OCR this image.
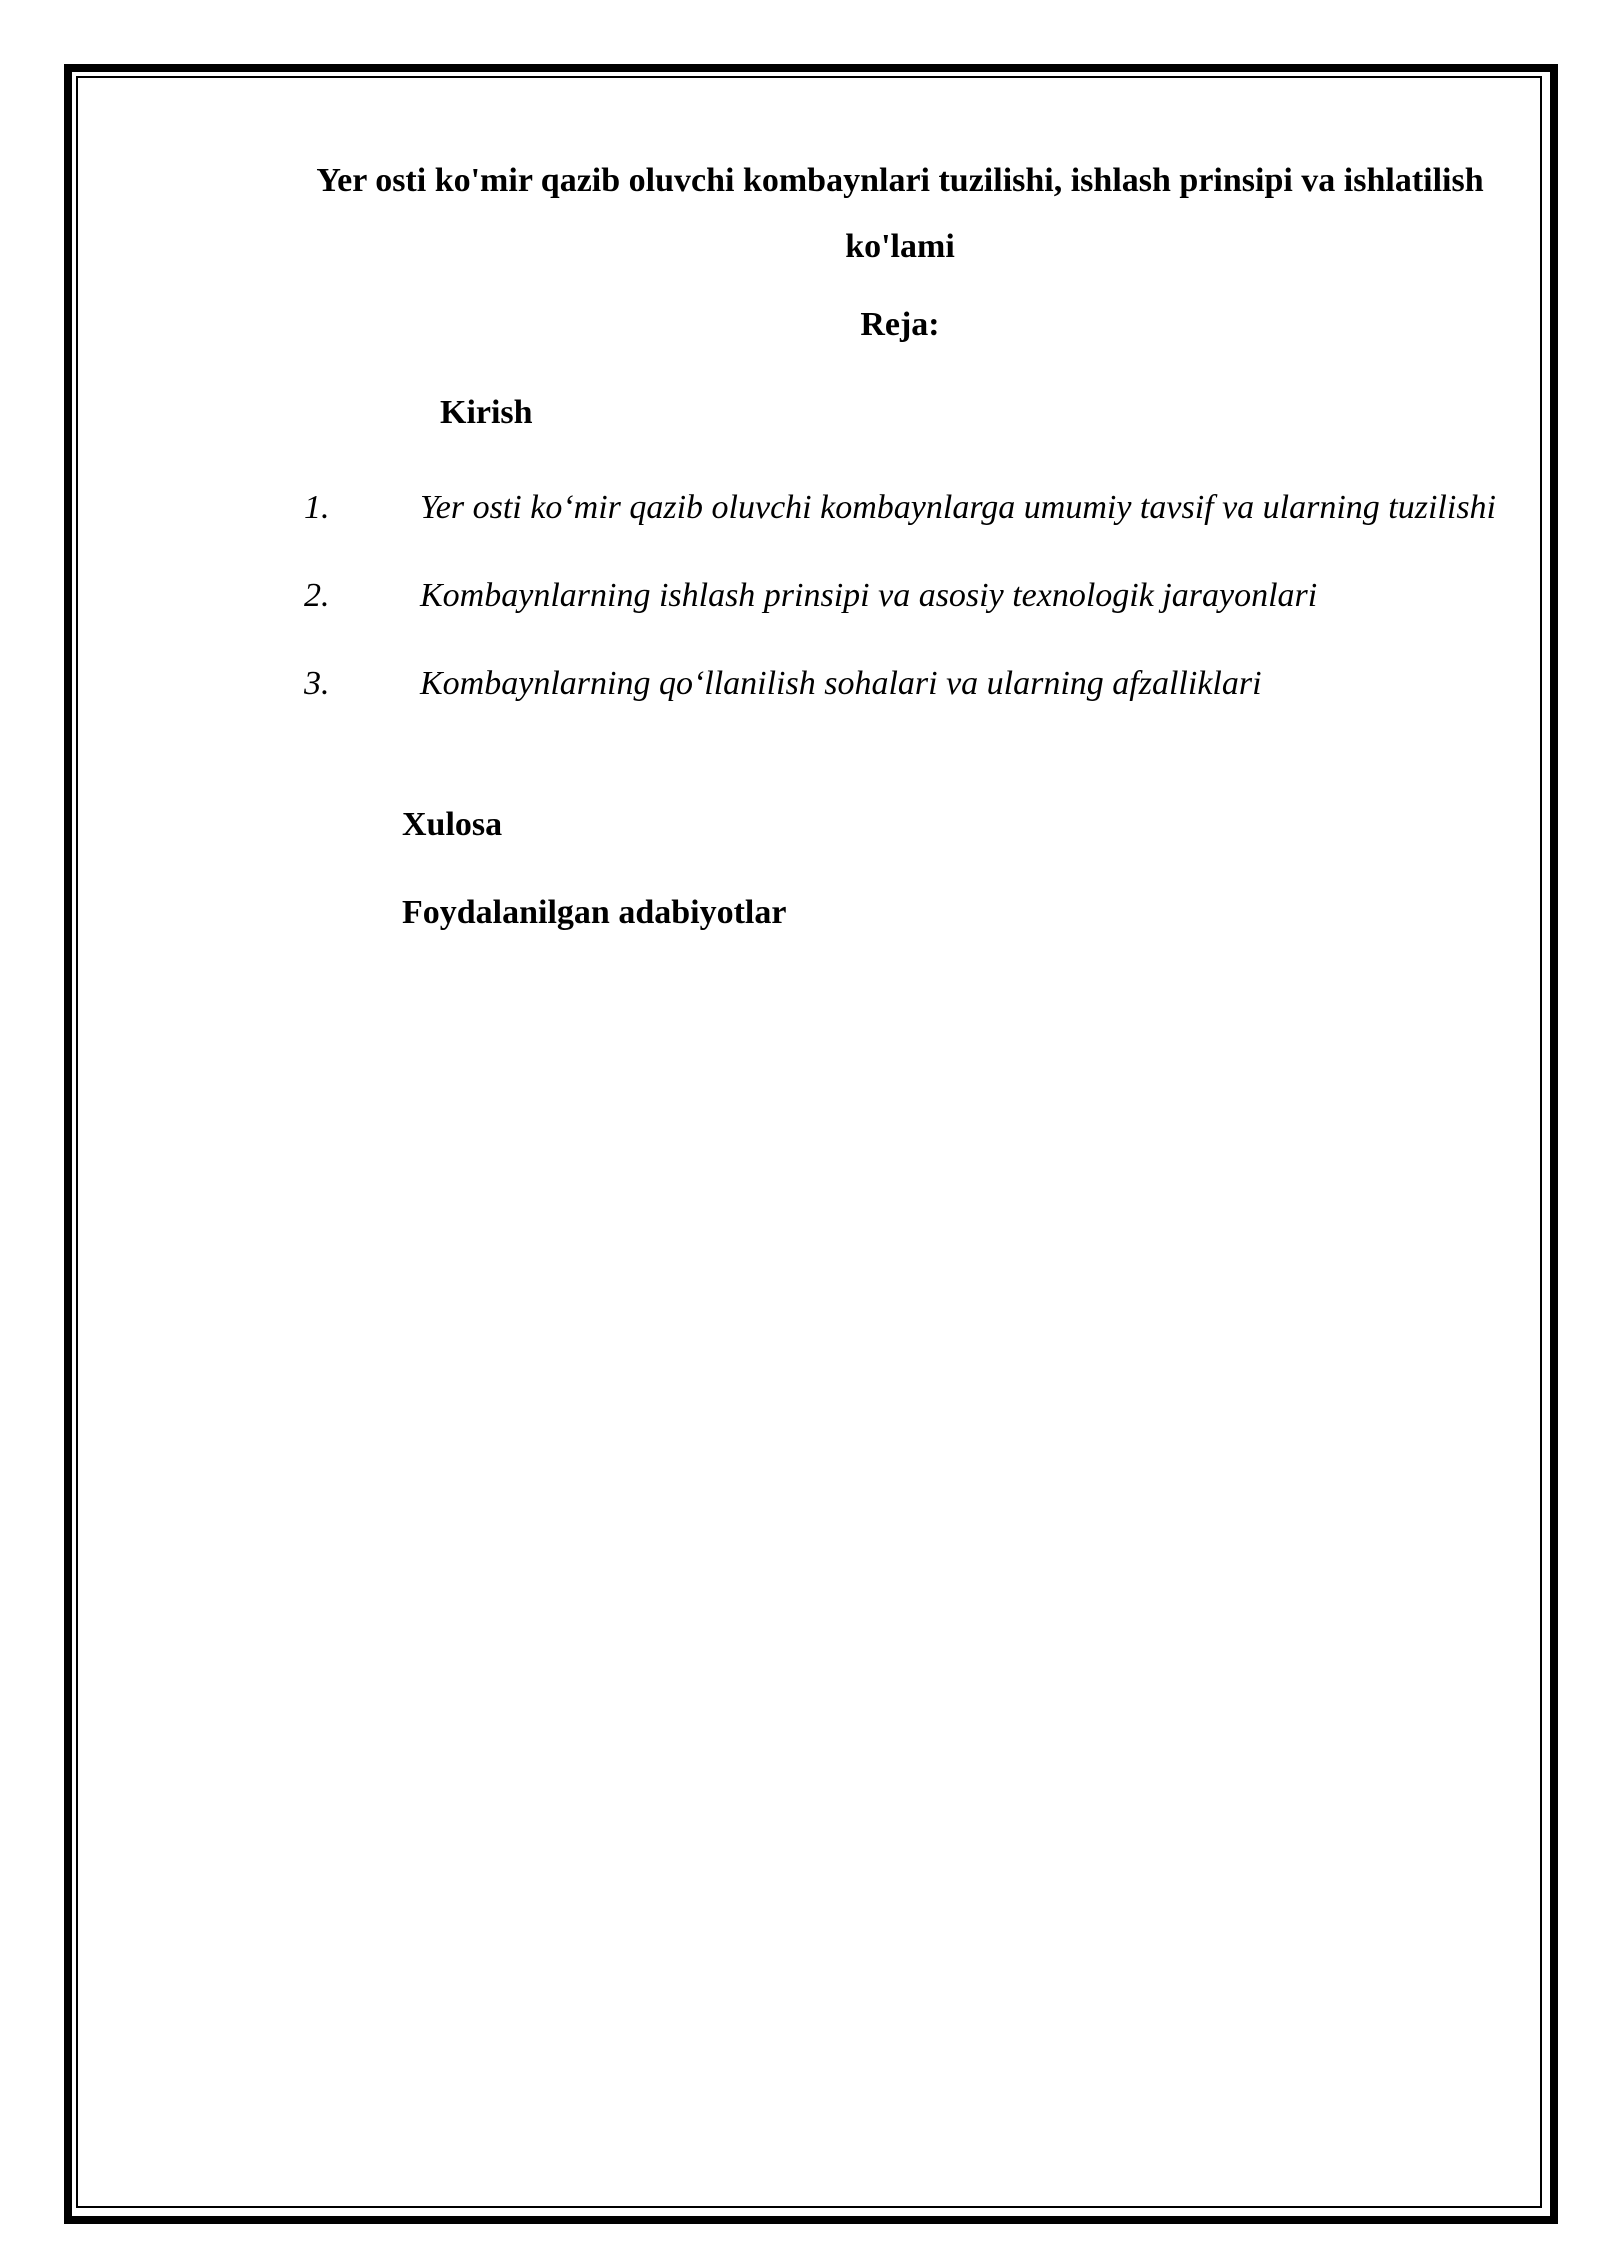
Yer osti ko'mir qazib oluvchi kombaynlari tuzilishi, ishlash prinsipi va ishlatilish ko'lami
Reja:
Kirish
1.	Yer osti ko‘mir qazib oluvchi kombaynlarga umumiy tavsif va ularning tuzilishi
2.	Kombaynlarning ishlash prinsipi va asosiy texnologik jarayonlari
3.	Kombaynlarning qo‘llanilish sohalari va ularning afzalliklari
Xulosa
Foydalanilgan adabiyotlar
